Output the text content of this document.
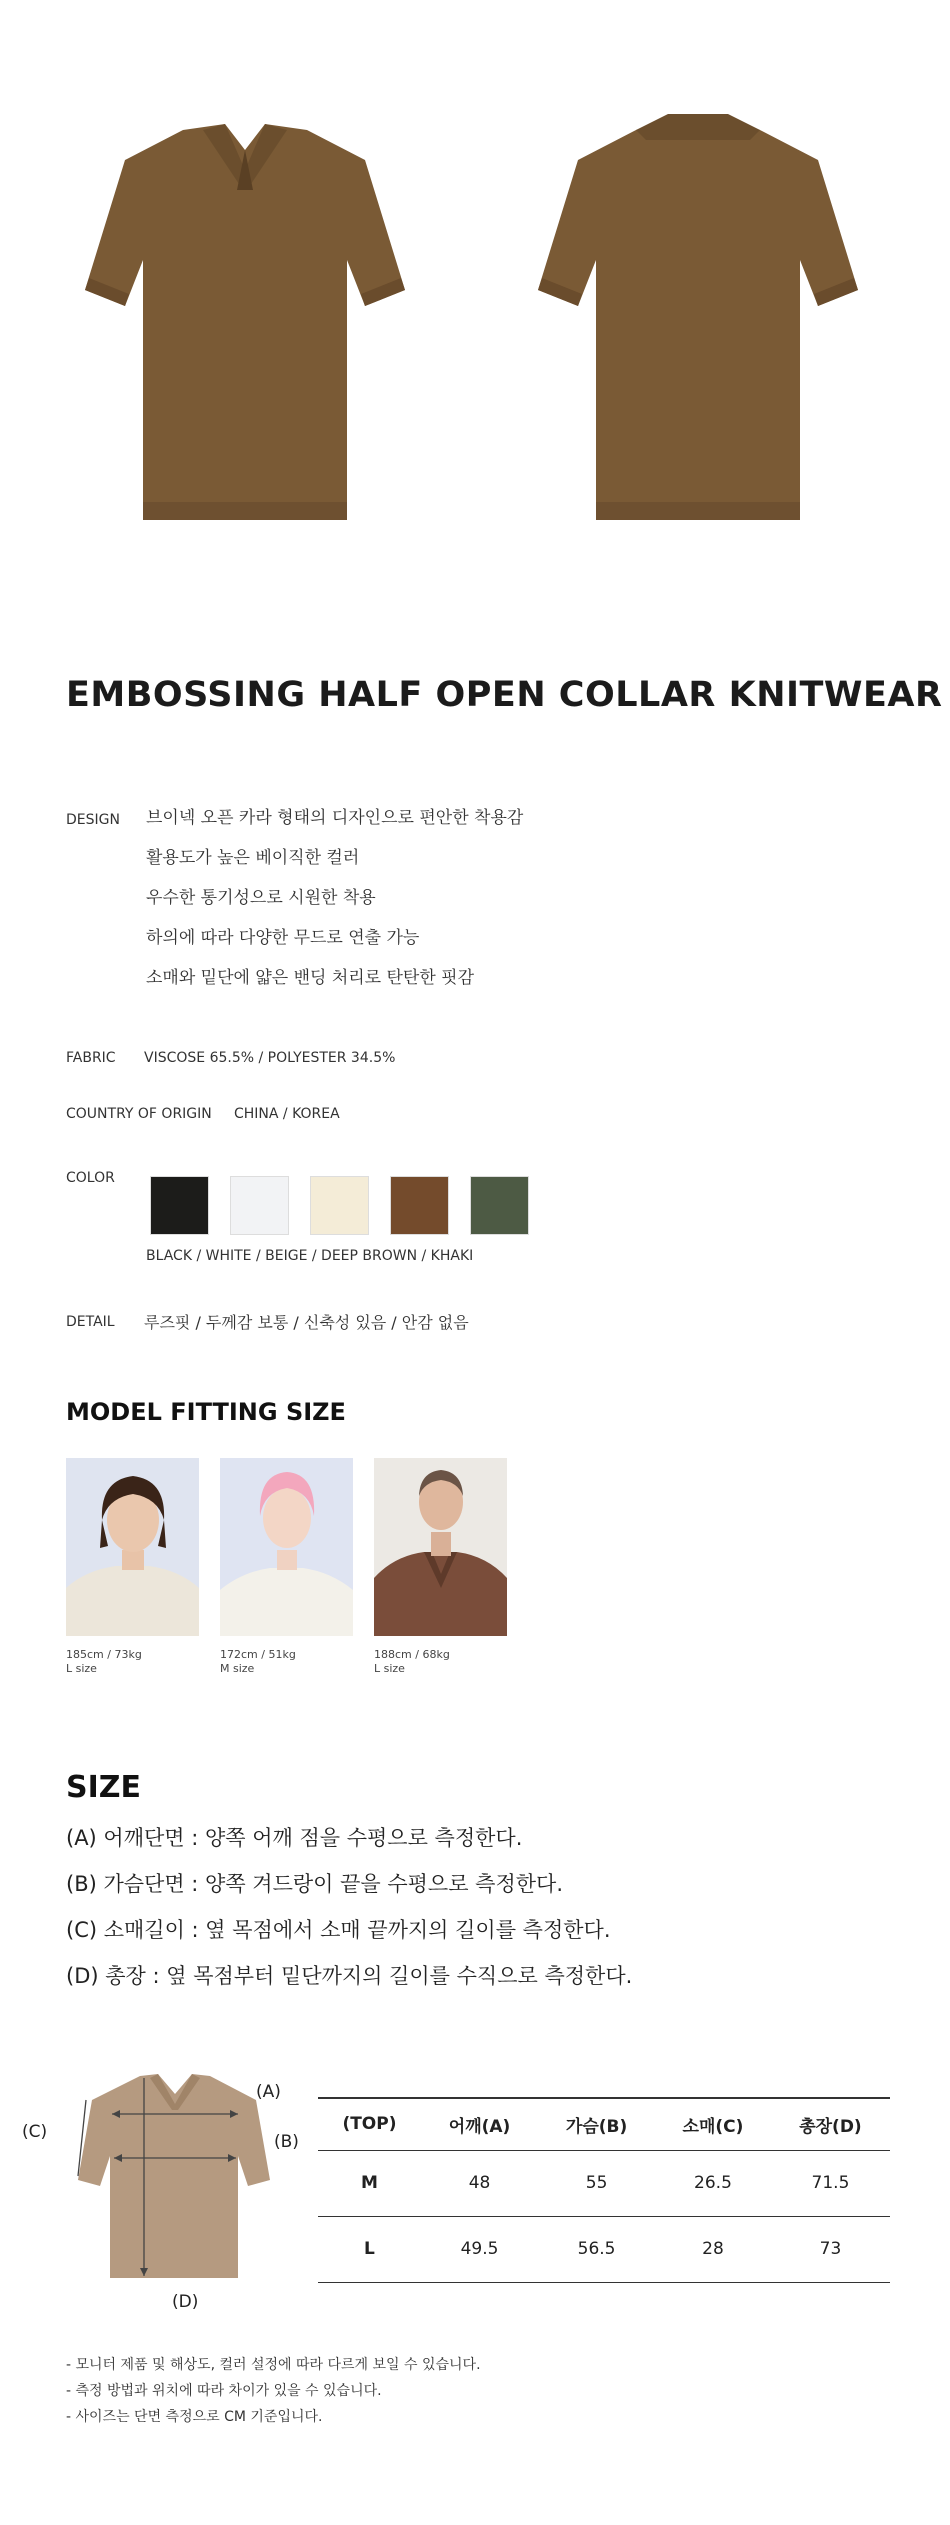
EMBOSSING HALF OPEN COLLAR KNITWEAR
DESIGN 브이넥 오픈 카라 형태의 디자인으로 편안한 착용감
활용도가 높은 베이직한 컬러
우수한 통기성으로 시원한 착용
하의에 따라 다양한 무드로 연출 가능
소매와 밑단에 얇은 밴딩 처리로 탄탄한 핏감
FABRIC VISCOSE 65.5% / POLYESTER 34.5%
COUNTRY OF ORIGIN CHINA / KOREA
COLOR
BLACK / WHITE / BEIGE / DEEP BROWN / KHAKI
DETAIL 루즈핏 / 두께감 보통 / 신축성 있음 / 안감 없음
MODEL FITTING SIZE
185cm / 73kg
L size
172cm / 51kg
M size
188cm / 68kg
L size
SIZE
(A) 어깨단면 : 양쪽 어깨 점을 수평으로 측정한다.
(B) 가슴단면 : 양쪽 겨드랑이 끝을 수평으로 측정한다.
(C) 소매길이 : 옆 목점에서 소매 끝까지의 길이를 측정한다.
(D) 총장 : 옆 목점부터 밑단까지의 길이를 수직으로 측정한다.
(A)
(B)
(C)
(D)
(TOP)	어깨(A)	가슴(B)	소매(C)	총장(D)
M	48	55	26.5	71.5
L	49.5	56.5	28	73
- 모니터 제품 및 해상도, 컬러 설정에 따라 다르게 보일 수 있습니다.
- 측정 방법과 위치에 따라 차이가 있을 수 있습니다.
- 사이즈는 단면 측정으로 CM 기준입니다.
